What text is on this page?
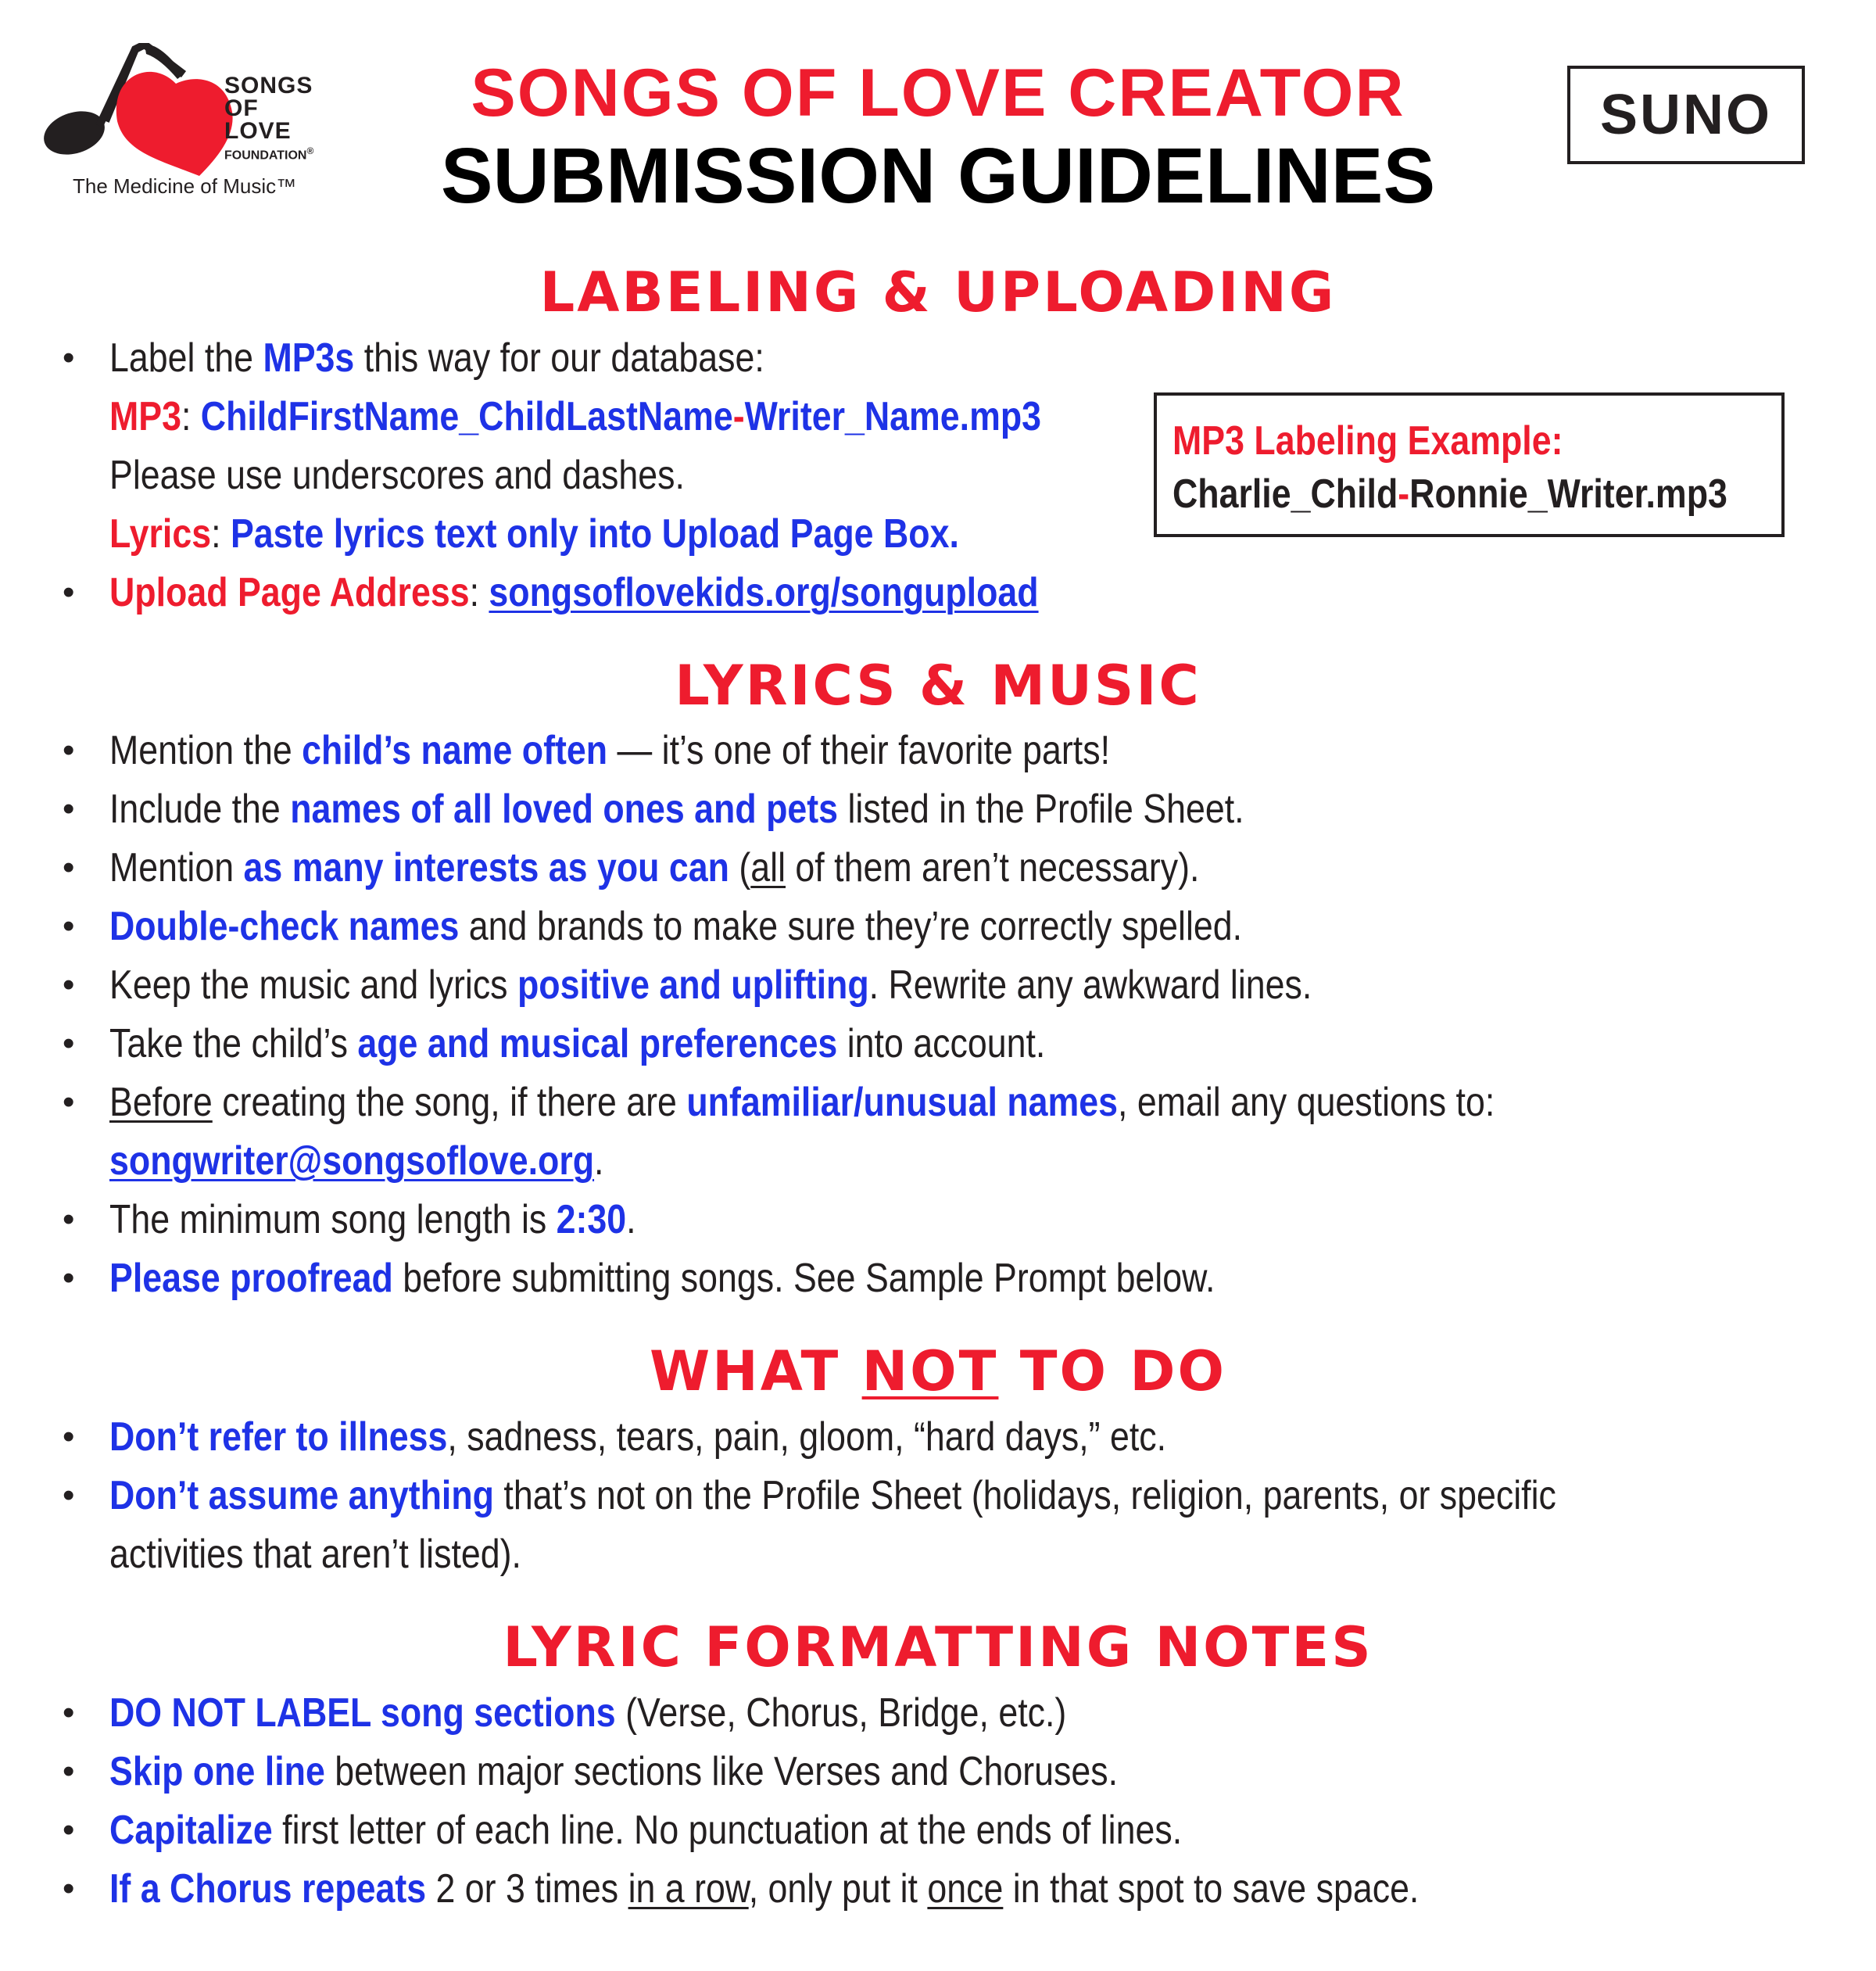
SONGS
OF
LOVE
FOUNDATION®
The Medicine of Music™
SONGS OF LOVE CREATOR
SUBMISSION GUIDELINES
SUNO
LABELING & UPLOADING
• Label the MP3s this way for our database:
MP3: ChildFirstName_ChildLastName-Writer_Name.mp3
Please use underscores and dashes.
Lyrics: Paste lyrics text only into Upload Page Box.
• Upload Page Address: songsoflovekids.org/songupload
MP3 Labeling Example:
Charlie_Child-Ronnie_Writer.mp3
LYRICS & MUSIC
• Mention the child’s name often — it’s one of their favorite parts!
• Include the names of all loved ones and pets listed in the Profile Sheet.
• Mention as many interests as you can (all of them aren’t necessary).
• Double-check names and brands to make sure they’re correctly spelled.
• Keep the music and lyrics positive and uplifting. Rewrite any awkward lines.
• Take the child’s age and musical preferences into account.
• Before creating the song, if there are unfamiliar/unusual names, email any questions to:
songwriter@songsoflove.org.
• The minimum song length is 2:30.
• Please proofread before submitting songs. See Sample Prompt below.
WHAT NOT TO DO
• Don’t refer to illness, sadness, tears, pain, gloom, “hard days,” etc.
• Don’t assume anything that’s not on the Profile Sheet (holidays, religion, parents, or specific
activities that aren’t listed).
LYRIC FORMATTING NOTES
• DO NOT LABEL song sections (Verse, Chorus, Bridge, etc.)
• Skip one line between major sections like Verses and Choruses.
• Capitalize first letter of each line. No punctuation at the ends of lines.
• If a Chorus repeats 2 or 3 times in a row, only put it once in that spot to save space.
